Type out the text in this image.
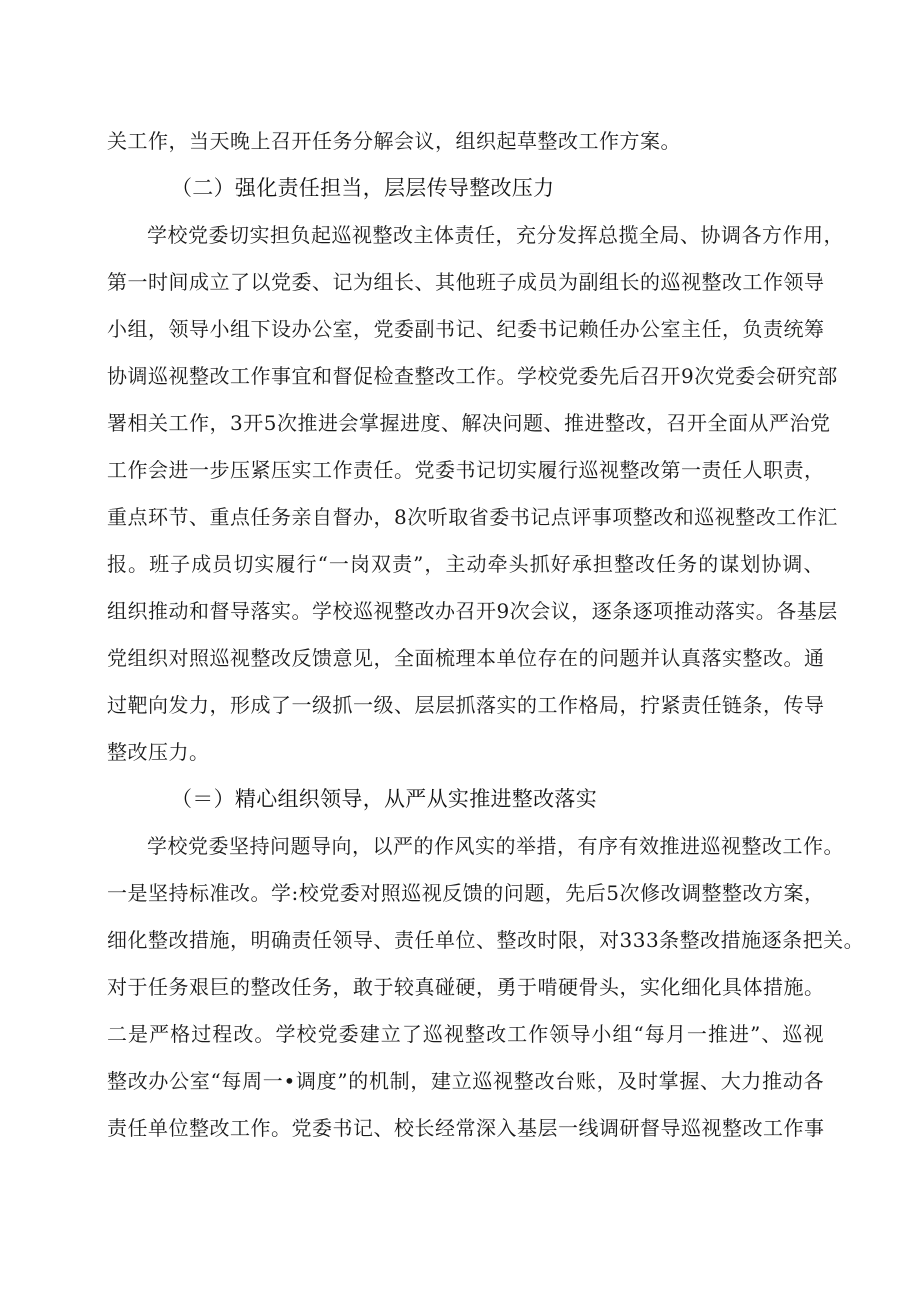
关工作，当天晚上召开任务分解会议，组织起草整改工作方案。
（二）强化责任担当，层层传导整改压力
学校党委切实担负起巡视整改主体责任，充分发挥总揽全局、协调各方作用，
第一时间成立了以党委、记为组长、其他班子成员为副组长的巡视整改工作领导
小组，领导小组下设办公室，党委副书记、纪委书记赖任办公室主任，负责统筹
协调巡视整改工作事宜和督促检查整改工作。学校党委先后召开9次党委会研究部
署相关工作，3开5次推进会掌握进度、解决问题、推进整改，召开全面从严治党
工作会进一步压紧压实工作责任。党委书记切实履行巡视整改第一责任人职责，
重点环节、重点任务亲自督办，8次听取省委书记点评事项整改和巡视整改工作汇
报。班子成员切实履行“一岗双责”，主动牵头抓好承担整改任务的谋划协调、
组织推动和督导落实。学校巡视整改办召开9次会议，逐条逐项推动落实。各基层
党组织对照巡视整改反馈意见，全面梳理本单位存在的问题并认真落实整改。通
过靶向发力，形成了一级抓一级、层层抓落实的工作格局，拧紧责任链条，传导
整改压力。
（＝）精心组织领导，从严从实推进整改落实
学校党委坚持问题导向，以严的作风实的举措，有序有效推进巡视整改工作。
一是坚持标准改。学:校党委对照巡视反馈的问题，先后5次修改调整整改方案，
细化整改措施，明确责任领导、责任单位、整改时限，对333条整改措施逐条把关。
对于任务艰巨的整改任务，敢于较真碰硬，勇于啃硬骨头，实化细化具体措施。
二是严格过程改。学校党委建立了巡视整改工作领导小组“每月一推进”、巡视
整改办公室“每周一•调度”的机制，建立巡视整改台账，及时掌握、大力推动各
责任单位整改工作。党委书记、校长经常深入基层一线调研督导巡视整改工作事
